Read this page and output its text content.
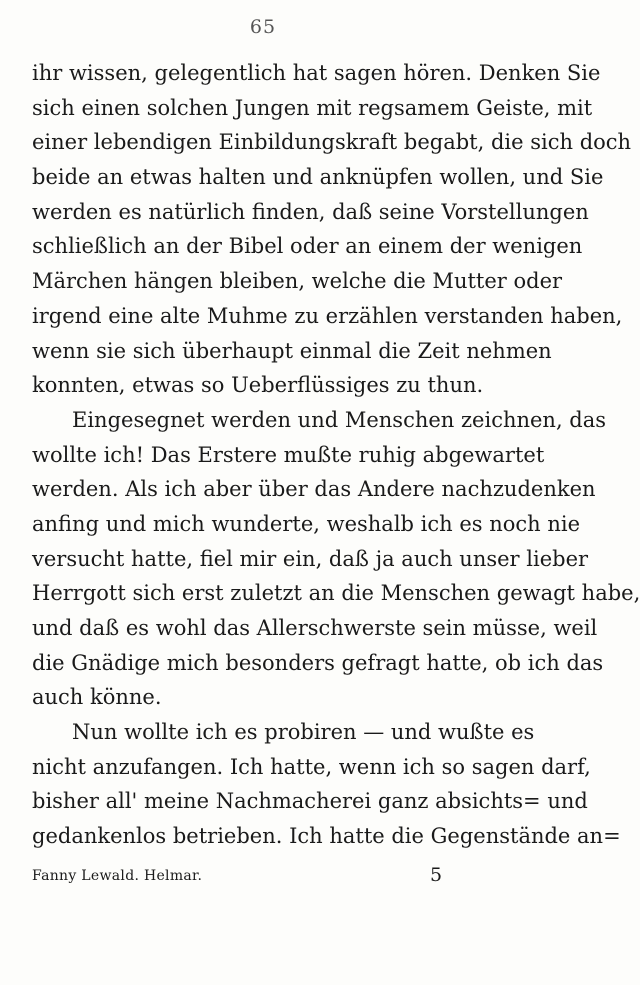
65
ihr wissen, gelegentlich hat sagen hören. Denken Sie
sich einen solchen Jungen mit regsamem Geiste, mit
einer lebendigen Einbildungskraft begabt, die sich doch
beide an etwas halten und anknüpfen wollen, und Sie
werden es natürlich finden, daß seine Vorstellungen
schließlich an der Bibel oder an einem der wenigen
Märchen hängen bleiben, welche die Mutter oder
irgend eine alte Muhme zu erzählen verstanden haben,
wenn sie sich überhaupt einmal die Zeit nehmen
konnten, etwas so Ueberflüssiges zu thun.
Eingesegnet werden und Menschen zeichnen, das
wollte ich! Das Erstere mußte ruhig abgewartet
werden. Als ich aber über das Andere nachzudenken
anfing und mich wunderte, weshalb ich es noch nie
versucht hatte, fiel mir ein, daß ja auch unser lieber
Herrgott sich erst zuletzt an die Menschen gewagt habe,
und daß es wohl das Allerschwerste sein müsse, weil
die Gnädige mich besonders gefragt hatte, ob ich das
auch könne.
Nun wollte ich es probiren — und wußte es
nicht anzufangen. Ich hatte, wenn ich so sagen darf,
bisher all' meine Nachmacherei ganz absichts= und
gedankenlos betrieben. Ich hatte die Gegenstände an=
Fanny Lewald. Helmar.	5
